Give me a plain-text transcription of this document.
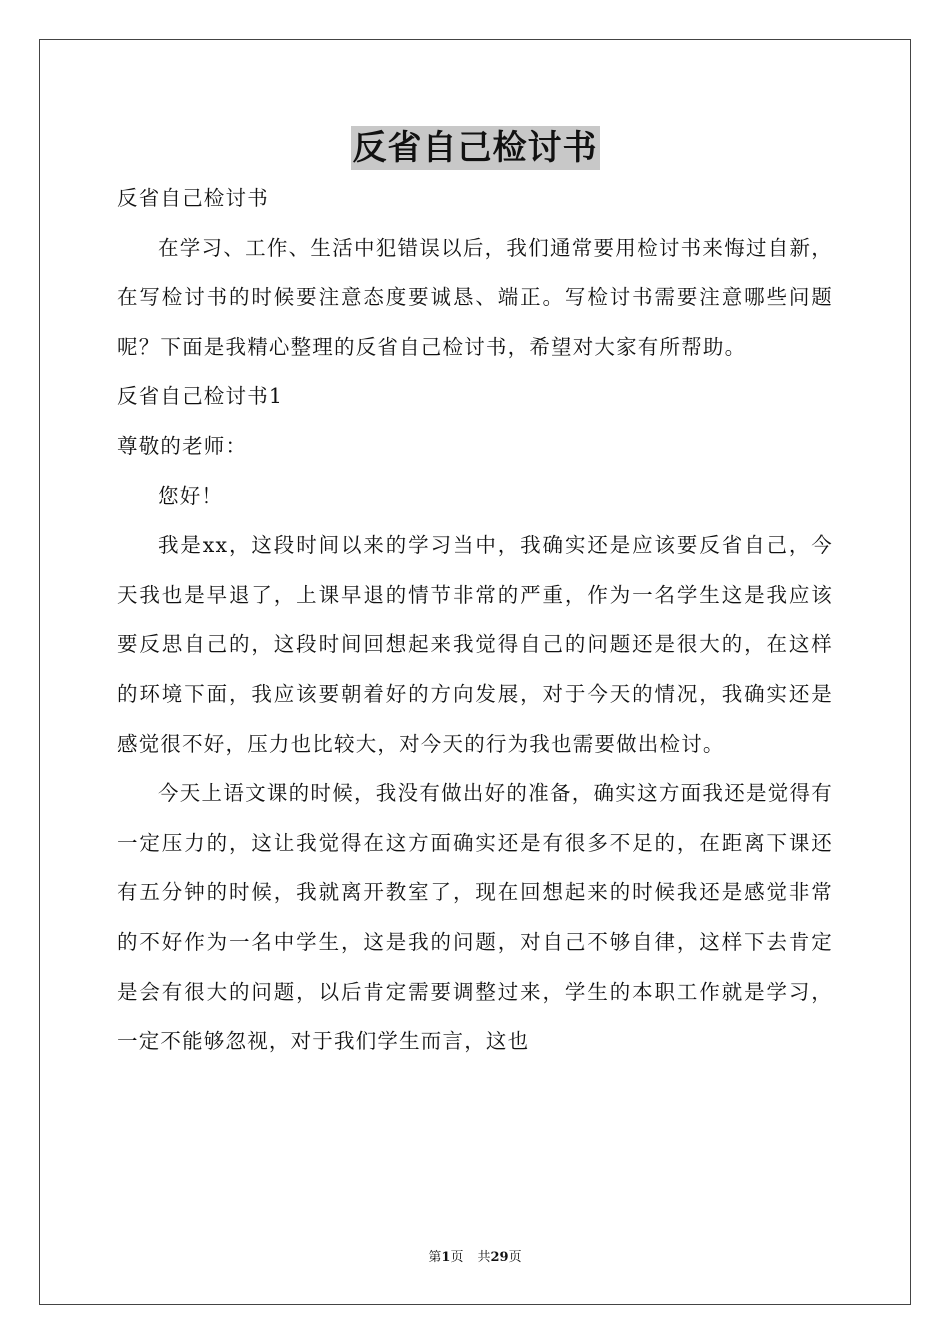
反省自己检讨书

反省自己检讨书

在学习、工作、生活中犯错误以后，我们通常要用检讨书来悔过自新，在写检讨书的时候要注意态度要诚恳、端正。写检讨书需要注意哪些问题呢？下面是我精心整理的反省自己检讨书，希望对大家有所帮助。

反省自己检讨书1

尊敬的老师：

您好！

我是xx，这段时间以来的学习当中，我确实还是应该要反省自己，今天我也是早退了，上课早退的情节非常的严重，作为一名学生这是我应该要反思自己的，这段时间回想起来我觉得自己的问题还是很大的，在这样的环境下面，我应该要朝着好的方向发展，对于今天的情况，我确实还是感觉很不好，压力也比较大，对今天的行为我也需要做出检讨。

今天上语文课的时候，我没有做出好的准备，确实这方面我还是觉得有一定压力的，这让我觉得在这方面确实还是有很多不足的，在距离下课还有五分钟的时候，我就离开教室了，现在回想起来的时候我还是感觉非常的不好作为一名中学生，这是我的问题，对自己不够自律，这样下去肯定是会有很大的问题，以后肯定需要调整过来，学生的本职工作就是学习，一定不能够忽视，对于我们学生而言，这也

第1页 共29页
